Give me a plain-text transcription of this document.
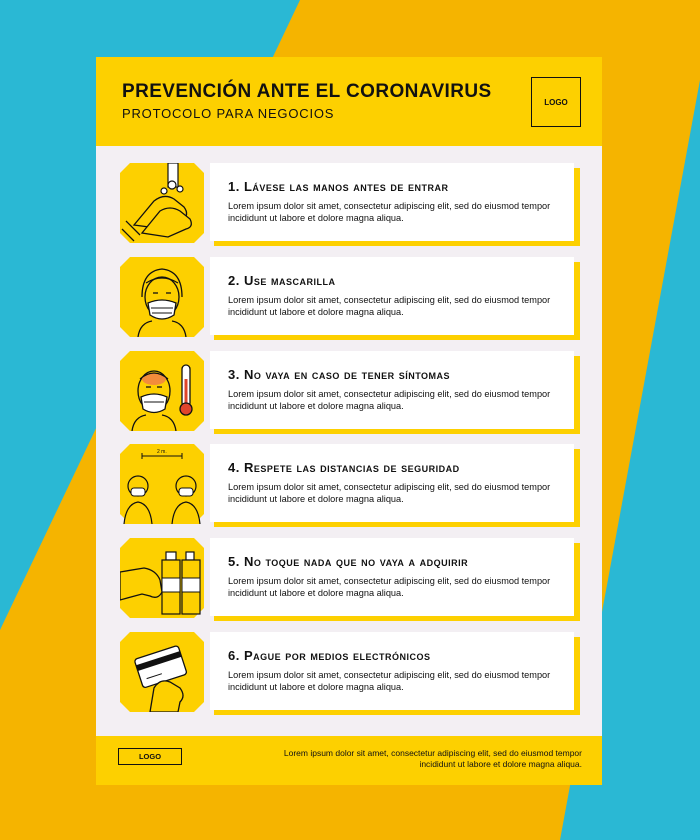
PREVENCIÓN ANTE EL CORONAVIRUS
PROTOCOLO PARA NEGOCIOS
LOGO
1. Lávese las manos antes de entrar
Lorem ipsum dolor sit amet, consectetur adipiscing elit, sed do eiusmod tempor incididunt ut labore et dolore magna aliqua.
2. Use mascarilla
Lorem ipsum dolor sit amet, consectetur adipiscing elit, sed do eiusmod tempor incididunt ut labore et dolore magna aliqua.
3. No vaya en caso de tener síntomas
Lorem ipsum dolor sit amet, consectetur adipiscing elit, sed do eiusmod tempor incididunt ut labore et dolore magna aliqua.
2 m.
4. Respete las distancias de seguridad
Lorem ipsum dolor sit amet, consectetur adipiscing elit, sed do eiusmod tempor incididunt ut labore et dolore magna aliqua.
5. No toque nada que no vaya a adquirir
Lorem ipsum dolor sit amet, consectetur adipiscing elit, sed do eiusmod tempor incididunt ut labore et dolore magna aliqua.
6. Pague por medios electrónicos
Lorem ipsum dolor sit amet, consectetur adipiscing elit, sed do eiusmod tempor incididunt ut labore et dolore magna aliqua.
LOGO	Lorem ipsum dolor sit amet, consectetur adipiscing elit, sed do eiusmod tempor incididunt ut labore et dolore magna aliqua.
